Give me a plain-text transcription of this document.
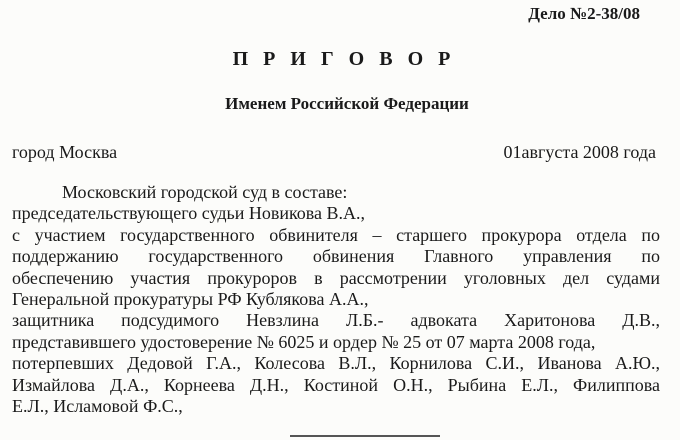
Дело №2-38/08
П Р И Г О В О Р
Именем Российской Федерации
город Москва	01августа 2008 года
Московский городской суд в составе:
председательствующего судьи Новикова В.А.,
с участием государственного обвинителя – старшего прокурора отдела по
поддержанию государственного обвинения Главного управления по
обеспечению участия прокуроров в рассмотрении уголовных дел судами
Генеральной прокуратуры РФ Кублякова А.А.,
защитника подсудимого Невзлина Л.Б.- адвоката Харитонова Д.В.,
представившего удостоверение № 6025 и ордер № 25 от 07 марта 2008 года,
потерпевших Дедовой Г.А., Колесова В.Л., Корнилова С.И., Иванова А.Ю.,
Измайлова Д.А., Корнеева Д.Н., Костиной О.Н., Рыбина Е.Л., Филиппова
Е.Л., Исламовой Ф.С.,
